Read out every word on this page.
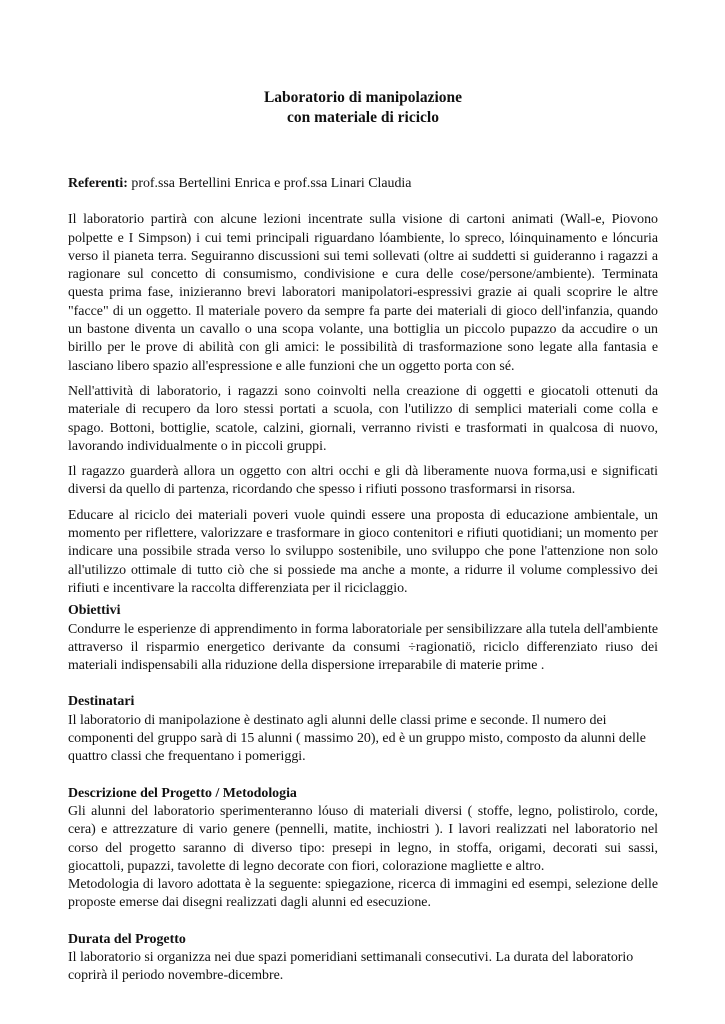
Laboratorio di manipolazione

con materiale di riciclo

Referenti: prof.ssa Bertellini Enrica e prof.ssa Linari Claudia

Il laboratorio partirà con alcune lezioni incentrate sulla visione di cartoni animati (Wall-e, Piovono polpette e I Simpson) i cui temi principali riguardano lóambiente, lo spreco, lóinquinamento e lóncuria verso il pianeta terra. Seguiranno discussioni sui temi sollevati (oltre ai suddetti si guideranno i ragazzi a ragionare sul concetto di consumismo, condivisione e cura delle cose/persone/ambiente). Terminata questa prima fase, inizieranno brevi laboratori manipolatori-espressivi grazie ai quali scoprire le altre "facce" di un oggetto. Il materiale povero da sempre fa parte dei materiali di gioco dell'infanzia, quando un bastone diventa un cavallo o una scopa volante, una bottiglia un piccolo pupazzo da accudire o un birillo per le prove di abilità con gli amici: le possibilità di trasformazione sono legate alla fantasia e lasciano libero spazio all'espressione e alle funzioni che un oggetto porta con sé.

Nell'attività di laboratorio, i ragazzi sono coinvolti nella creazione di oggetti e giocatoli ottenuti da materiale di recupero da loro stessi portati a scuola, con l'utilizzo di semplici materiali come colla e spago. Bottoni, bottiglie, scatole, calzini, giornali, verranno rivisti e trasformati in qualcosa di nuovo, lavorando individualmente o in piccoli gruppi.

Il ragazzo guarderà allora un oggetto con altri occhi e gli dà liberamente nuova forma,usi e significati diversi da quello di partenza, ricordando che spesso i rifiuti possono trasformarsi in risorsa.

Educare al riciclo dei materiali poveri vuole quindi essere una proposta di educazione ambientale, un momento per riflettere, valorizzare e trasformare in gioco contenitori e rifiuti quotidiani; un momento per indicare una possibile strada verso lo sviluppo sostenibile, uno sviluppo che pone l'attenzione non solo all'utilizzo ottimale di tutto ciò che si possiede ma anche a monte, a ridurre il volume complessivo dei rifiuti e incentivare la raccolta differenziata per il riciclaggio.

Obiettivi

Condurre le esperienze di apprendimento in forma laboratoriale per sensibilizzare alla tutela dell'ambiente attraverso il risparmio energetico derivante da consumi ÷ragionatiö, riciclo differenziato riuso dei materiali indispensabili alla riduzione della dispersione irreparabile di materie prime .

Destinatari

Il laboratorio di manipolazione è destinato agli alunni delle classi prime e seconde. Il numero dei componenti del gruppo sarà di 15 alunni ( massimo 20), ed è un gruppo misto, composto da alunni delle quattro classi che frequentano i pomeriggi.

Descrizione del Progetto / Metodologia

Gli alunni del laboratorio sperimenteranno lóuso di materiali diversi ( stoffe, legno, polistirolo, corde, cera) e attrezzature di vario genere (pennelli, matite, inchiostri ). I lavori realizzati nel laboratorio nel corso del progetto saranno di diverso tipo: presepi in legno, in stoffa, origami, decorati sui sassi, giocattoli, pupazzi, tavolette di legno decorate con fiori, colorazione magliette e altro.

Metodologia di lavoro adottata è la seguente: spiegazione, ricerca di immagini ed esempi, selezione delle proposte emerse dai disegni realizzati dagli alunni ed esecuzione.

Durata del Progetto

Il laboratorio si organizza nei due spazi pomeridiani settimanali consecutivi. La durata del laboratorio coprirà il periodo novembre-dicembre.
